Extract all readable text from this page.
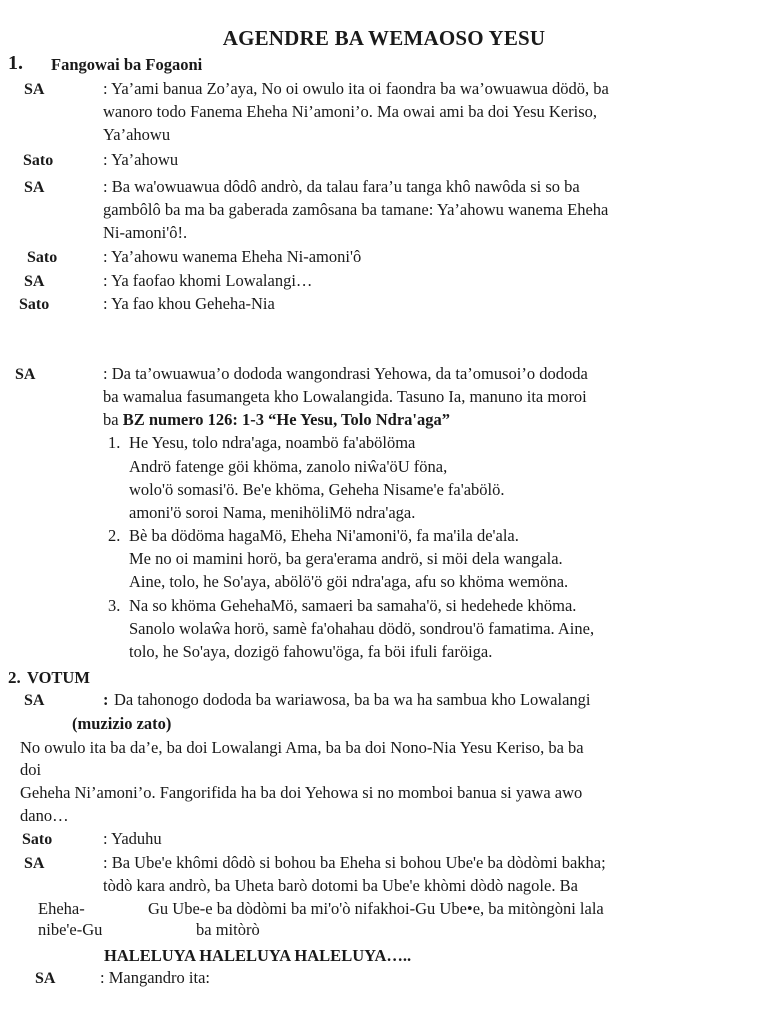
AGENDRE BA WEMAOSO YESU
1. Fangowai ba Fogaoni
SA	: Ya’ami banua Zo’aya, No oi owulo ita oi faondra ba wa’owuawua dödö, ba
wanoro todo Fanema Eheha Ni’amoni’o. Ma owai ami ba doi Yesu Keriso,
Ya’ahowu
Sato	: Ya’ahowu
SA	: Ba wa'owuawua dôdô andrò, da talau fara’u tanga khô nawôda si so ba
gambôlô ba ma ba gaberada zamôsana ba tamane: Ya’ahowu wanema Eheha
Ni-amoni'ô!.
Sato	: Ya’ahowu wanema Eheha Ni-amoni'ô
SA	: Ya faofao khomi Lowalangi…
Sato	: Ya fao khou Geheha-Nia
SA	: Da ta’owuawua’o dododa wangondrasi Yehowa, da ta’omusoi’o dododa
ba wamalua fasumangeta kho Lowalangida. Tasuno Ia, manuno ita moroi
ba BZ numero 126: 1-3 “He Yesu, Tolo Ndra'aga”
1. He Yesu, tolo ndra'aga, noambö fa'abölöma
Andrö fatenge göi khöma, zanolo niŵa'öU föna,
wolo'ö somasi'ö. Be'e khöma, Geheha Nisame'e fa'abölö.
amoni'ö soroi Nama, menihöliMö ndra'aga.
2. Bè ba dödöma hagaMö, Eheha Ni'amoni'ö, fa ma'ila de'ala.
Me no oi mamini horö, ba gera'erama andrö, si möi dela wangala.
Aine, tolo, he So'aya, abölö'ö göi ndra'aga, afu so khöma wemöna.
3. Na so khöma GehehaMö, samaeri ba samaha'ö, si hedehede khöma.
Sanolo wolaŵa horö, samè fa'ohahau dödö, sondrou'ö famatima. Aine,
tolo, he So'aya, dozigö fahowu'öga, fa böi ifuli faröiga.
2. VOTUM
SA	: Da tahonogo dododa ba wariawosa, ba ba wa ha sambua kho Lowalangi
(muzizio zato)
No owulo ita ba da’e, ba doi Lowalangi Ama, ba ba doi Nono-Nia Yesu Keriso, ba ba
doi
Geheha Ni’amoni’o. Fangorifida ha ba doi Yehowa si no momboi banua si yawa awo
dano…
Sato	: Yaduhu
SA	: Ba Ube'e khômi dôdò si bohou ba Eheha si bohou Ube'e ba dòdòmi bakha;
tòdò kara andrò, ba Uheta barò dotomi ba Ube'e khòmi dòdò nagole. Ba
Eheha-
nibe'e-Gu
Gu Ube-e ba dòdòmi ba mi'o'ò nifakhoi-Gu Ube•e, ba mitòngòni lala
ba mitòrò
HALELUYA HALELUYA HALELUYA…..
SA	: Mangandro ita:
